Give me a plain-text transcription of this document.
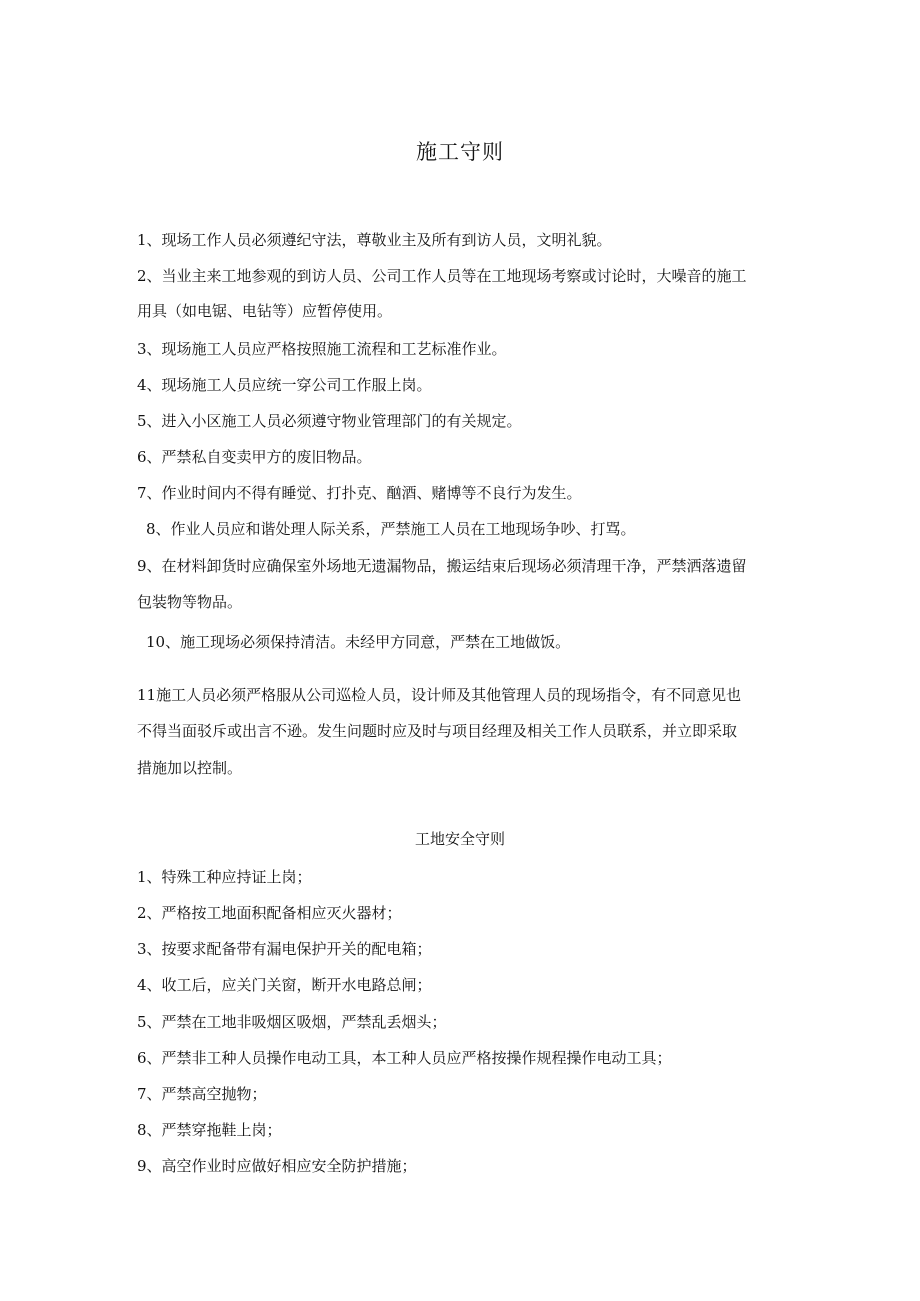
施工守则
1、现场工作人员必须遵纪守法，尊敬业主及所有到访人员，文明礼貌。
2、当业主来工地参观的到访人员、公司工作人员等在工地现场考察或讨论时，大噪音的施工
用具（如电锯、电钻等）应暂停使用。
3、现场施工人员应严格按照施工流程和工艺标准作业。
4、现场施工人员应统一穿公司工作服上岗。
5、进入小区施工人员必须遵守物业管理部门的有关规定。
6、严禁私自变卖甲方的废旧物品。
7、作业时间内不得有睡觉、打扑克、酗酒、赌博等不良行为发生。
8、作业人员应和谐处理人际关系，严禁施工人员在工地现场争吵、打骂。
9、在材料卸货时应确保室外场地无遗漏物品，搬运结束后现场必须清理干净，严禁洒落遗留
包装物等物品。
10、施工现场必须保持清洁。未经甲方同意，严禁在工地做饭。
11施工人员必须严格服从公司巡检人员，设计师及其他管理人员的现场指令，有不同意见也
不得当面驳斥或出言不逊。发生问题时应及时与项目经理及相关工作人员联系，并立即采取
措施加以控制。
工地安全守则
1、特殊工种应持证上岗；
2、严格按工地面积配备相应灭火器材；
3、按要求配备带有漏电保护开关的配电箱；
4、收工后，应关门关窗，断开水电路总闸；
5、严禁在工地非吸烟区吸烟，严禁乱丢烟头；
6、严禁非工种人员操作电动工具，本工种人员应严格按操作规程操作电动工具；
7、严禁高空抛物；
8、严禁穿拖鞋上岗；
9、高空作业时应做好相应安全防护措施；
